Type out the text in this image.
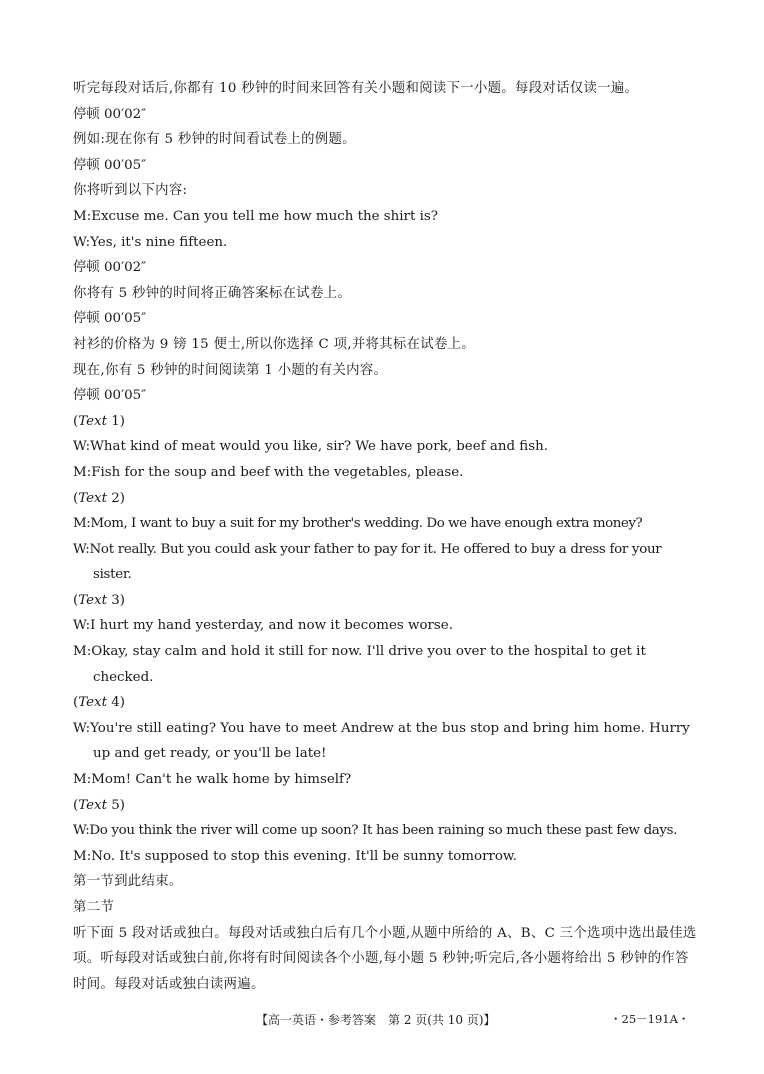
听完每段对话后,你都有 10 秒钟的时间来回答有关小题和阅读下一小题。每段对话仅读一遍。

停顿 00′02″

例如:现在你有 5 秒钟的时间看试卷上的例题。

停顿 00′05″

你将听到以下内容:

M:Excuse me. Can you tell me how much the shirt is?

W:Yes, it's nine fifteen.

停顿 00′02″

你将有 5 秒钟的时间将正确答案标在试卷上。

停顿 00′05″

衬衫的价格为 9 镑 15 便士,所以你选择 C 项,并将其标在试卷上。

现在,你有 5 秒钟的时间阅读第 1 小题的有关内容。

停顿 00′05″

(Text 1)

W:What kind of meat would you like, sir? We have pork, beef and fish.

M:Fish for the soup and beef with the vegetables, please.

(Text 2)

M:Mom, I want to buy a suit for my brother's wedding. Do we have enough extra money?

W:Not really. But you could ask your father to pay for it. He offered to buy a dress for your sister.

(Text 3)

W:I hurt my hand yesterday, and now it becomes worse.

M:Okay, stay calm and hold it still for now. I'll drive you over to the hospital to get it checked.

(Text 4)

W:You're still eating? You have to meet Andrew at the bus stop and bring him home. Hurry up and get ready, or you'll be late!

M:Mom! Can't he walk home by himself?

(Text 5)

W:Do you think the river will come up soon? It has been raining so much these past few days.

M:No. It's supposed to stop this evening. It'll be sunny tomorrow.

第一节到此结束。

第二节

听下面 5 段对话或独白。每段对话或独白后有几个小题,从题中所给的 A、B、C 三个选项中选出最佳选项。听每段对话或独白前,你将有时间阅读各个小题,每小题 5 秒钟;听完后,各小题将给出 5 秒钟的作答时间。每段对话或独白读两遍。

【高一英语・参考答案　第 2 页(共 10 页)】	・25－191A・
